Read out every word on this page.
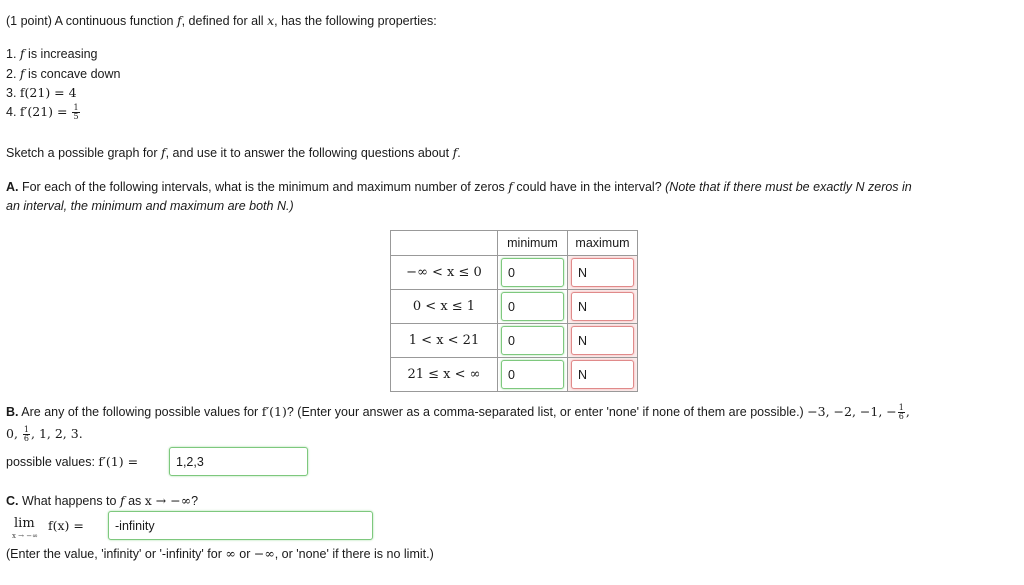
(1 point) A continuous function f, defined for all x, has the following properties:
1. f is increasing
2. f is concave down
3. f(21) = 4
4. $f'(21) = \frac{1}{5}$
Sketch a possible graph for f, and use it to answer the following questions about f.
A. For each of the following intervals, what is the minimum and maximum number of zeros f could have in the interval? (Note that if there must be exactly N zeros in
an interval, the minimum and maximum are both N.)
	minimum	maximum
−∞ < x ≤ 0	0	N
0 < x ≤ 1	0	N
1 < x < 21	0	N
21 ≤ x < ∞	0	N
B. Are any of the following possible values for f′(1)? (Enter your answer as a comma-separated list, or enter 'none' if none of them are possible.) −3, −2, −1, − $\frac{1}{6}$ ,
0, $\frac{1}{6}$ , 1, 2, 3.
possible values: f′(1) =
1,2,3
C. What happens to f as x → −∞?
lim
x → −∞
f(x) =
-infinity
(Enter the value, 'infinity' or '-infinity' for ∞ or −∞, or 'none' if there is no limit.)
